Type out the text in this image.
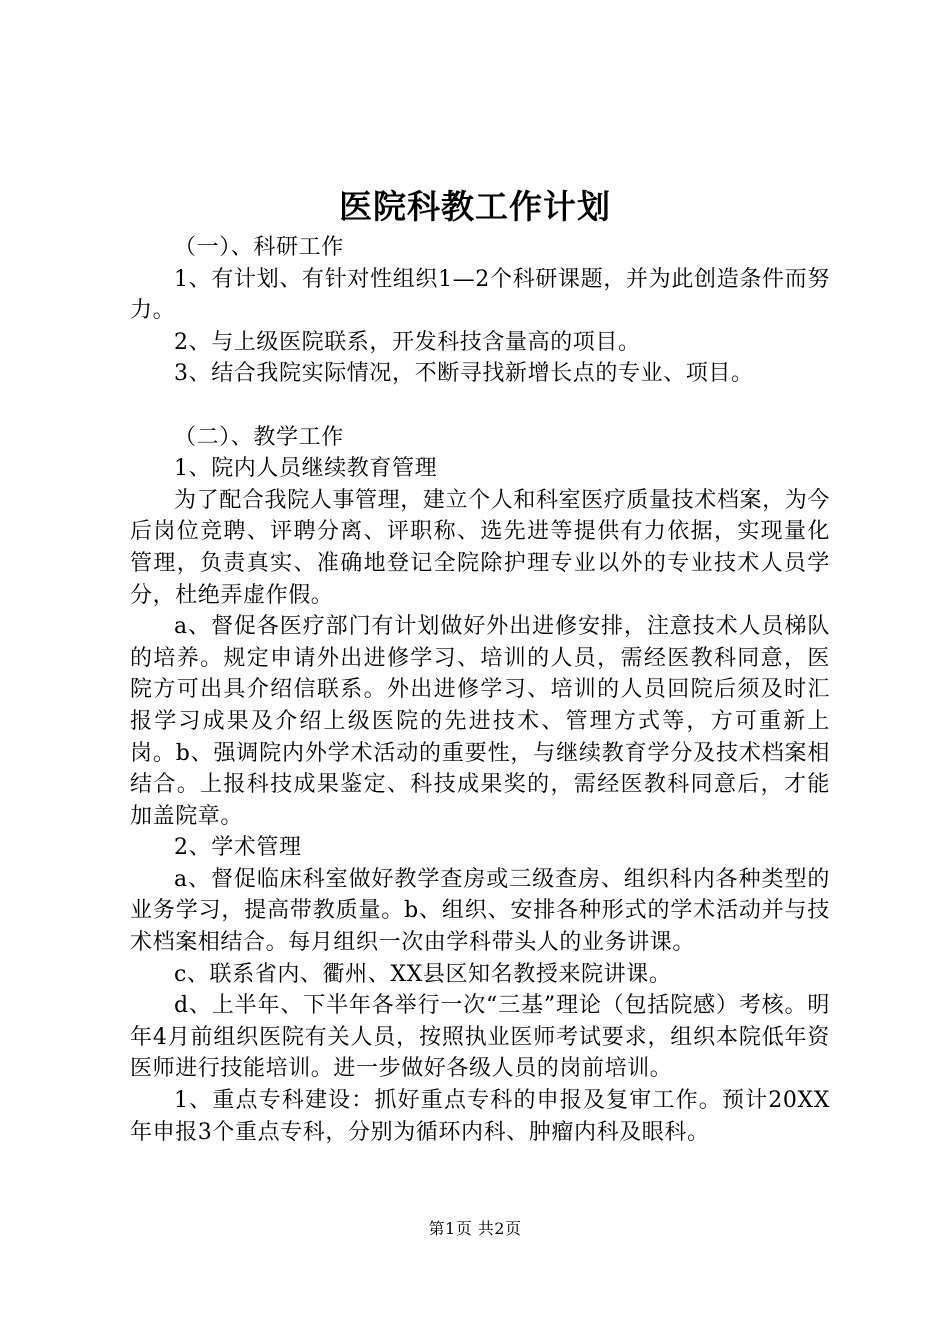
医院科教工作计划

（一）、科研工作

1、有计划、有针对性组织1—2个科研课题，并为此创造条件而努力。

2、与上级医院联系，开发科技含量高的项目。

3、结合我院实际情况，不断寻找新增长点的专业、项目。

（二）、教学工作

1、院内人员继续教育管理

为了配合我院人事管理，建立个人和科室医疗质量技术档案，为今后岗位竞聘、评聘分离、评职称、选先进等提供有力依据，实现量化管理，负责真实、准确地登记全院除护理专业以外的专业技术人员学分，杜绝弄虚作假。

a、督促各医疗部门有计划做好外出进修安排，注意技术人员梯队的培养。规定申请外出进修学习、培训的人员，需经医教科同意，医院方可出具介绍信联系。外出进修学习、培训的人员回院后须及时汇报学习成果及介绍上级医院的先进技术、管理方式等，方可重新上岗。b、强调院内外学术活动的重要性，与继续教育学分及技术档案相结合。上报科技成果鉴定、科技成果奖的，需经医教科同意后，才能加盖院章。

2、学术管理

a、督促临床科室做好教学查房或三级查房、组织科内各种类型的业务学习，提高带教质量。b、组织、安排各种形式的学术活动并与技术档案相结合。每月组织一次由学科带头人的业务讲课。

c、联系省内、衢州、XX县区知名教授来院讲课。

d、上半年、下半年各举行一次“三基”理论（包括院感）考核。明年4月前组织医院有关人员，按照执业医师考试要求，组织本院低年资医师进行技能培训。进一步做好各级人员的岗前培训。

1、重点专科建设：抓好重点专科的申报及复审工作。预计20XX年申报3个重点专科，分别为循环内科、肿瘤内科及眼科。

第1页 共2页
